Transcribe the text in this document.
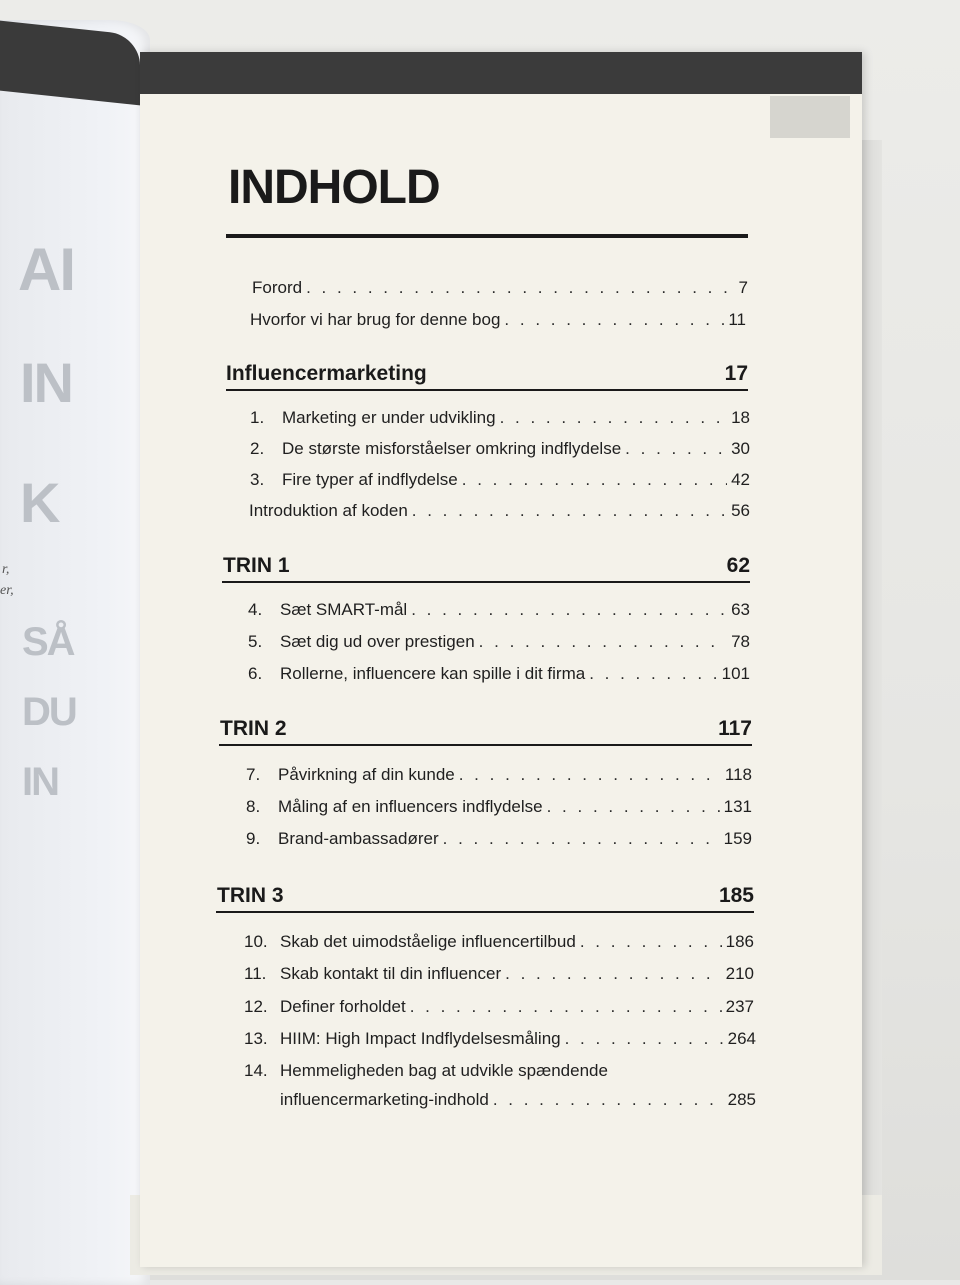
AI
IN
K
SÅ
DU
IN
r,
er,
INDHOLD
Forord . . .	7
Hvorfor vi har brug for denne bog . . .	11
Influencermarketing	17
1.	Marketing er under udvikling . . .	18
2.	De største misforståelser omkring indflydelse . . .	30
3.	Fire typer af indflydelse . . .	42
Introduktion af koden . . .	56
TRIN 1	62
4.	Sæt SMART-mål . . .	63
5.	Sæt dig ud over prestigen . . .	78
6.	Rollerne, influencere kan spille i dit firma . . .	101
TRIN 2	117
7.	Påvirkning af din kunde . . .	118
8.	Måling af en influencers indflydelse . . .	131
9.	Brand-ambassadører . . .	159
TRIN 3	185
10. Skab det uimodståelige influencertilbud . . .	186
11. Skab kontakt til din influencer . . .	210
12. Definer forholdet . . .	237
13. HIIM: High Impact Indflydelsesmåling . . .	264
14. Hemmeligheden bag at udvikle spændende
influencermarketing-indhold . . .	285
